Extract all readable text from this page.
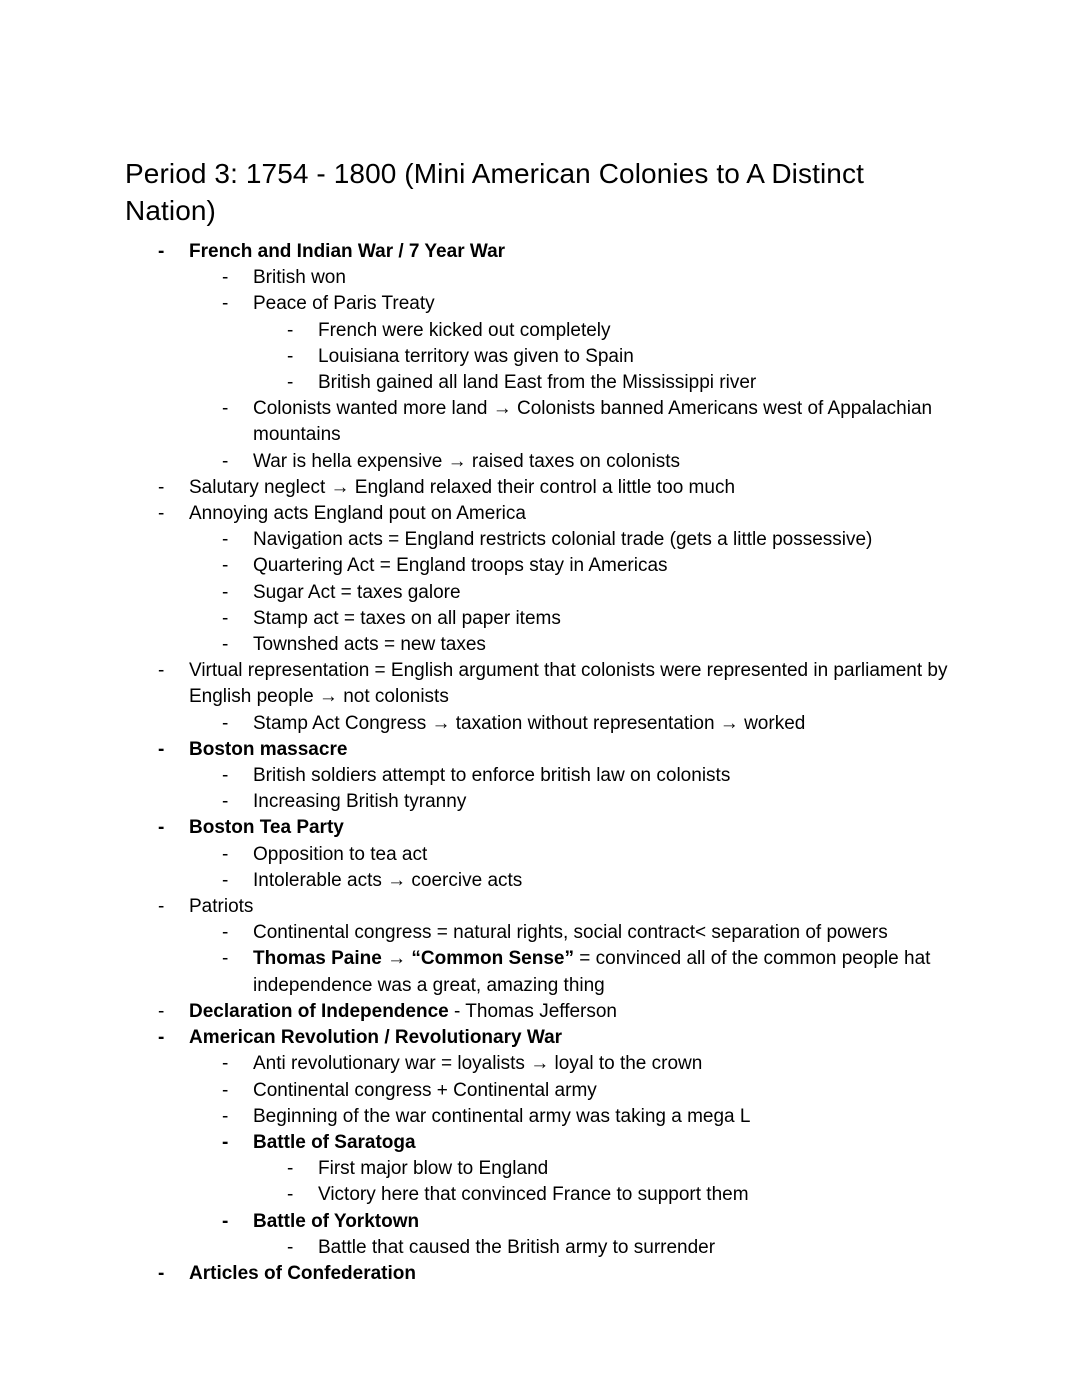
Period 3: 1754 - 1800 (Mini American Colonies to A Distinct Nation)
-	French and Indian War / 7 Year War
-	British won
-	Peace of Paris Treaty
-	French were kicked out completely
-	Louisiana territory was given to Spain
-	British gained all land East from the Mississippi river
-	Colonists wanted more land → Colonists banned Americans west of Appalachian mountains
-	War is hella expensive → raised taxes on colonists
-	Salutary neglect → England relaxed their control a little too much
-	Annoying acts England pout on America
-	Navigation acts = England restricts colonial trade (gets a little possessive)
-	Quartering Act = England troops stay in Americas
-	Sugar Act = taxes galore
-	Stamp act = taxes on all paper items
-	Townshed acts = new taxes
-	Virtual representation = English argument that colonists were represented in parliament by English people → not colonists
-	Stamp Act Congress → taxation without representation → worked
-	Boston massacre
-	British soldiers attempt to enforce british law on colonists
-	Increasing British tyranny
-	Boston Tea Party
-	Opposition to tea act
-	Intolerable acts → coercive acts
-	Patriots
-	Continental congress = natural rights, social contract< separation of powers
-	Thomas Paine → “Common Sense” = convinced all of the common people hat independence was a great, amazing thing
-	Declaration of Independence - Thomas Jefferson
-	American Revolution / Revolutionary War
-	Anti revolutionary war = loyalists → loyal to the crown
-	Continental congress + Continental army
-	Beginning of the war continental army was taking a mega L
-	Battle of Saratoga
-	First major blow to England
-	Victory here that convinced France to support them
-	Battle of Yorktown
-	Battle that caused the British army to surrender
-	Articles of Confederation
